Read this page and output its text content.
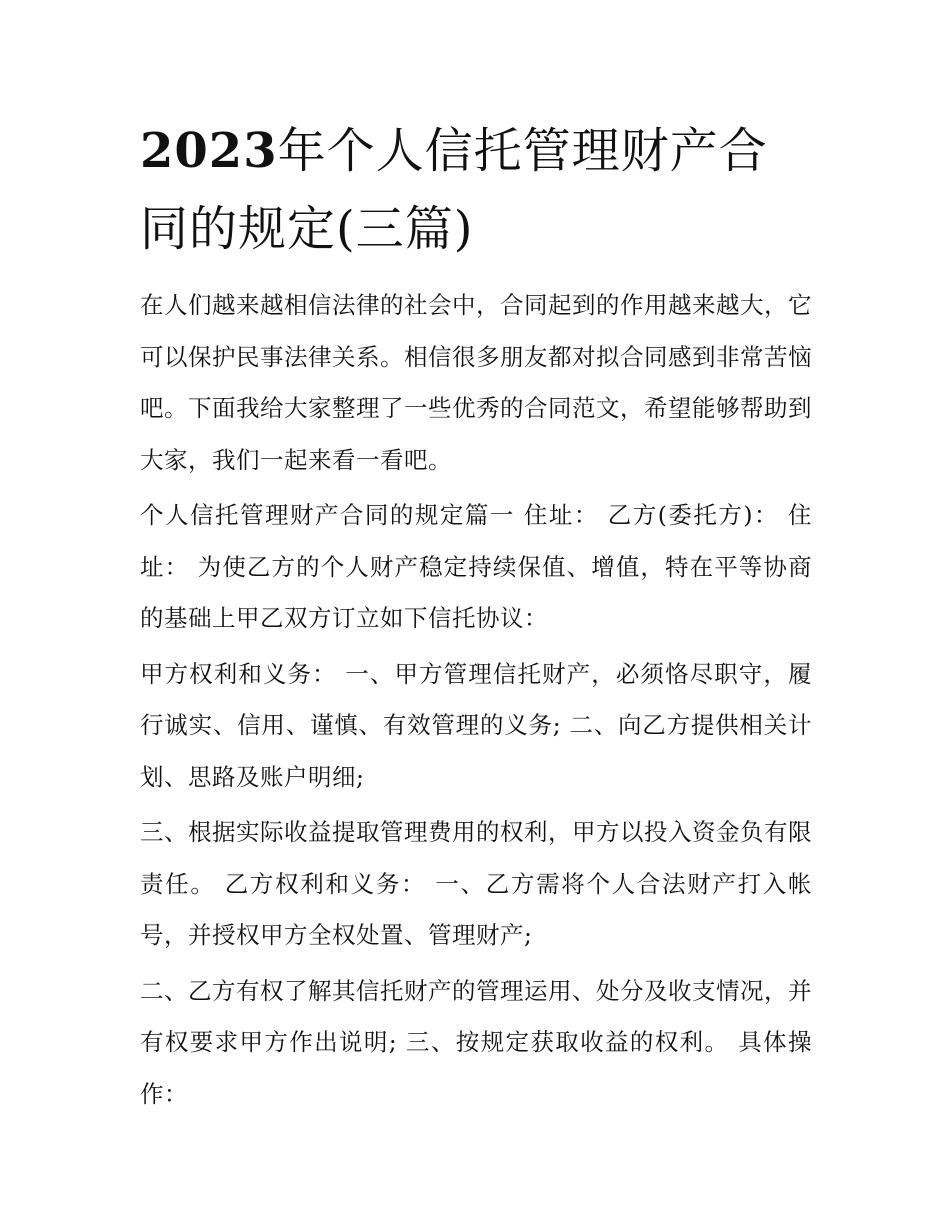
2023年个人信托管理财产合同的规定(三篇)

在人们越来越相信法律的社会中，合同起到的作用越来越大，它可以保护民事法律关系。相信很多朋友都对拟合同感到非常苦恼吧。下面我给大家整理了一些优秀的合同范文，希望能够帮助到大家，我们一起来看一看吧。

个人信托管理财产合同的规定篇一 住址： 乙方(委托方)： 住址： 为使乙方的个人财产稳定持续保值、增值，特在平等协商的基础上甲乙双方订立如下信托协议：

甲方权利和义务： 一、甲方管理信托财产，必须恪尽职守，履行诚实、信用、谨慎、有效管理的义务; 二、向乙方提供相关计划、思路及账户明细;

三、根据实际收益提取管理费用的权利，甲方以投入资金负有限责任。 乙方权利和义务： 一、乙方需将个人合法财产打入帐号，并授权甲方全权处置、管理财产;

二、乙方有权了解其信托财产的管理运用、处分及收支情况，并有权要求甲方作出说明; 三、按规定获取收益的权利。 具体操作：
